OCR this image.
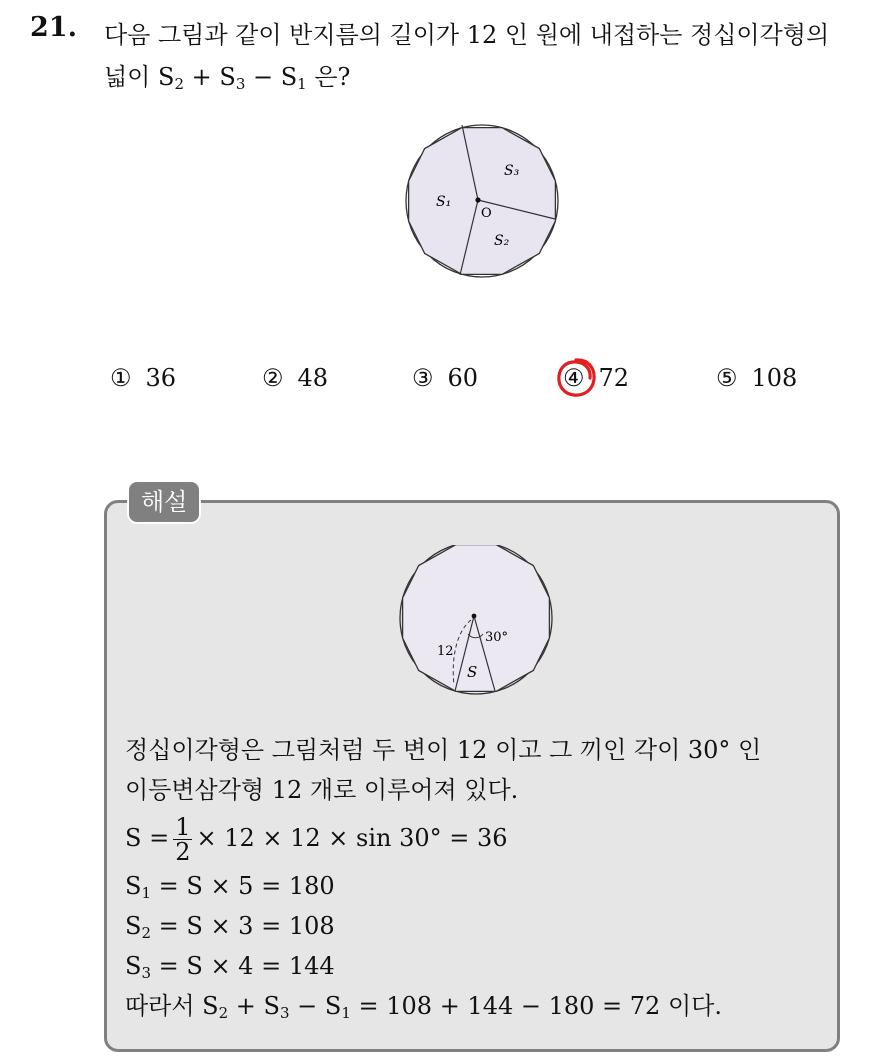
21. 다음 그림과 같이 반지름의 길이가 12 인 원에 내접하는 정십이각형의
넓이 $S_2 + S_3 - S_1$ 은?
S₁
S₃
S₂
O
① 36	② 48	③ 60	④ 72	⑤ 108
해설
12
30°
S
정십이각형은 그림처럼 두 변이 12 이고 그 끼인 각이 30° 인
이등변삼각형 12 개로 이루어져 있다.
$S = \frac{1}{2} \times 12 \times 12 \times \sin 30^\circ = 36$
$S_1 = S \times 5 = 180$
$S_2 = S \times 3 = 108$
$S_3 = S \times 4 = 144$
따라서 $S_2 + S_3 - S_1 = 108 + 144 - 180 = 72$ 이다.
